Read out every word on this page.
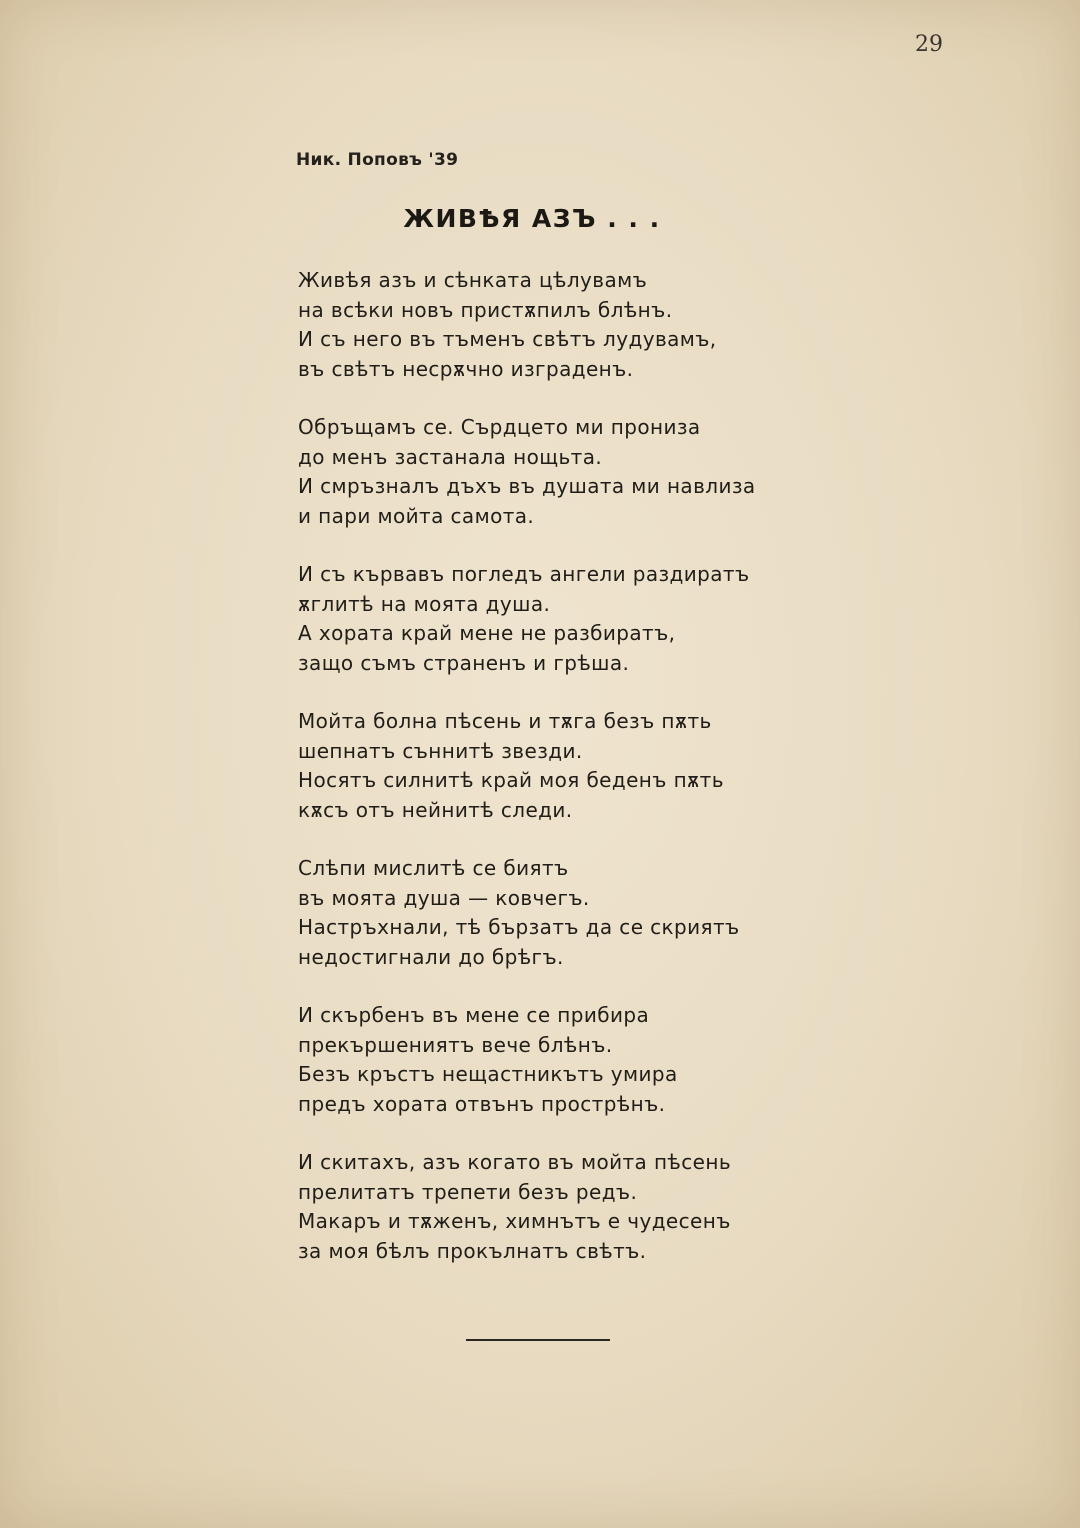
29
Ник. Поповъ '39
ЖИВѢЯ АЗЪ . . .
Живѣя азъ и сѣнката цѣлувамъ
на всѣки новъ пристѫпилъ блѣнъ.
И съ него въ тъменъ свѣтъ лудувамъ,
въ свѣтъ несрѫчно изграденъ.
Обръщамъ се. Сърдцето ми прониза
до менъ застанала нощьта.
И смръзналъ дъхъ въ душата ми навлиза
и пари мойта самота.
И съ кървавъ погледъ ангели раздиратъ
ѫглитѣ на моята душа.
А хората край мене не разбиратъ,
защо съмъ страненъ и грѣша.
Мойта болна пѣсень и тѫга безъ пѫть
шепнатъ съннитѣ звезди.
Носятъ силнитѣ край моя беденъ пѫть
кѫсъ отъ нейнитѣ следи.
Слѣпи мислитѣ се биятъ
въ моята душа — ковчегъ.
Настръхнали, тѣ бързатъ да се скриятъ
недостигнали до брѣгъ.
И скърбенъ въ мене се прибира
прекършениятъ вече блѣнъ.
Безъ кръстъ нещастникътъ умира
предъ хората отвънъ прострѣнъ.
И скитахъ, азъ когато въ мойта пѣсень
прелитатъ трепети безъ редъ.
Макаръ и тѫженъ, химнътъ е чудесенъ
за моя бѣлъ прокълнатъ свѣтъ.
